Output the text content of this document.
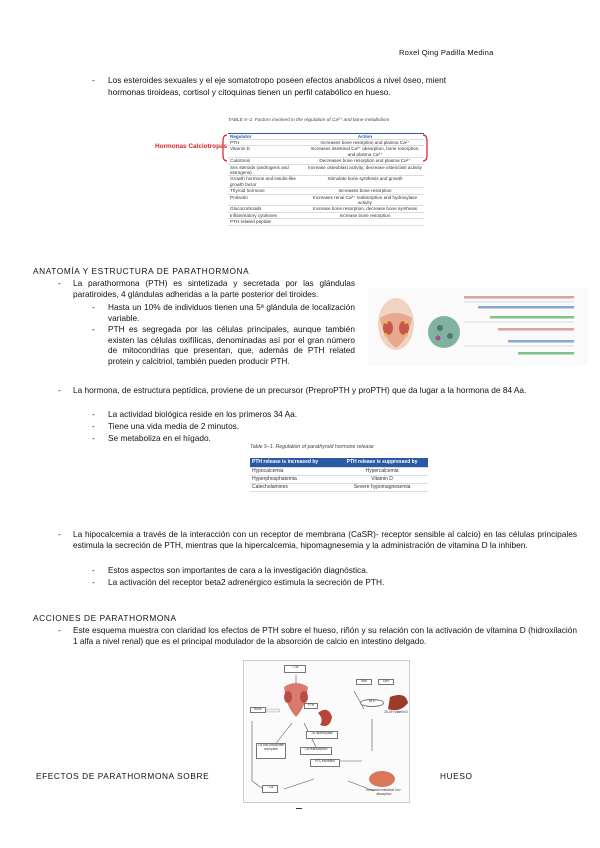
Roxel Qing Padilla Medina
- Los esteroides sexuales y el eje somatotropo poseen efectos anabólicos a nivel óseo, mient
hormonas tiroideas, cortisol y citoquinas tienen un perfil catabólico en hueso.
TABLE 5–2. Factors involved in the regulation of Ca²⁺ and bone metabolism
Regulator	Action
PTH	Increases bone resorption and plasma Ca²⁺
Vitamin D	Increases intestinal Ca²⁺ absorption, bone resorption, and plasma Ca²⁺
Calcitonin	Decreases bone resorption and plasma Ca²⁺
Sex steroids (androgens and estrogens)	Increase osteoblast activity; decrease osteoclast activity
Growth hormone and insulin-like growth factor	Stimulate bone synthesis and growth
Thyroid hormone	Increases bone resorption
Prolactin	Increases renal Ca²⁺ reabsorption and hydroxylase activity
Glucocorticoids	Increase bone resorption, decrease bone synthesis
Inflammatory cytokines	Increase bone resorption
PTH-related peptide	
Hormonas Calciotropas
ANATOMÍA Y ESTRUCTURA DE PARATHORMONA
- La parathormona (PTH) es sintetizada y secretada por las glándulas paratiroides, 4 glándulas adheridas a la parte posterior del tiroides.
- Hasta un 10% de individuos tienen una 5ª glándula de localización variable.
- PTH es segregada por las células principales, aunque también existen las células oxifílicas, denominadas así por el gran número de mitocondrias que presentan, que, además de PTH related protein y calcitriol, también pueden producir PTH.
- La hormona, de estructura peptídica, proviene de un precursor (PreproPTH y proPTH) que da lugar a la hormona de 84 Aa.
- La actividad biológica reside en los primeros 34 Aa.
- Tiene una vida media de 2 minutos.
- Se metaboliza en el hígado.
Table 5–1. Regulation of parathyroid hormone release
PTH release is increased by	PTH release is suppressed by
Hypocalcemia	Hypercalcemia
Hyperphosphatemia	Vitamin D
Catecholamines	Severe hypomagnesemia
- La hipocalcemia a través de la interacción con un receptor de membrana (CaSR)- receptor sensible al calcio) en las células principales estimula la secreción de PTH, mientras que la hipercalcemia, hipomagnesemia y la administración de vitamina D la inhiben.
- Estos aspectos son importantes de cara a la investigación diagnóstica.
- La activación del receptor beta2 adrenérgico estimula la secreción de PTH.
ACCIONES DE PARATHORMONA
- Este esquema muestra con claridad los efectos de PTH sobre el hueso, riñón y su relación con la activación de vitamina D (hidroxilación 1 alfa a nivel renal) que es el principal modulador de la absorción de calcio en intestino delgado.
↓ Ca
Skin	Diet
Vit D
25-OH vitamin D
PTH
Bone
1α-hydroxylase
Ca reabsorption
PO₄ excretion
Ca and phosphate resorption
↑ Ca
Increased intestinal Ca²⁺ absorption
EFECTOS DE PARATHORMONA SOBRE	HUESO
